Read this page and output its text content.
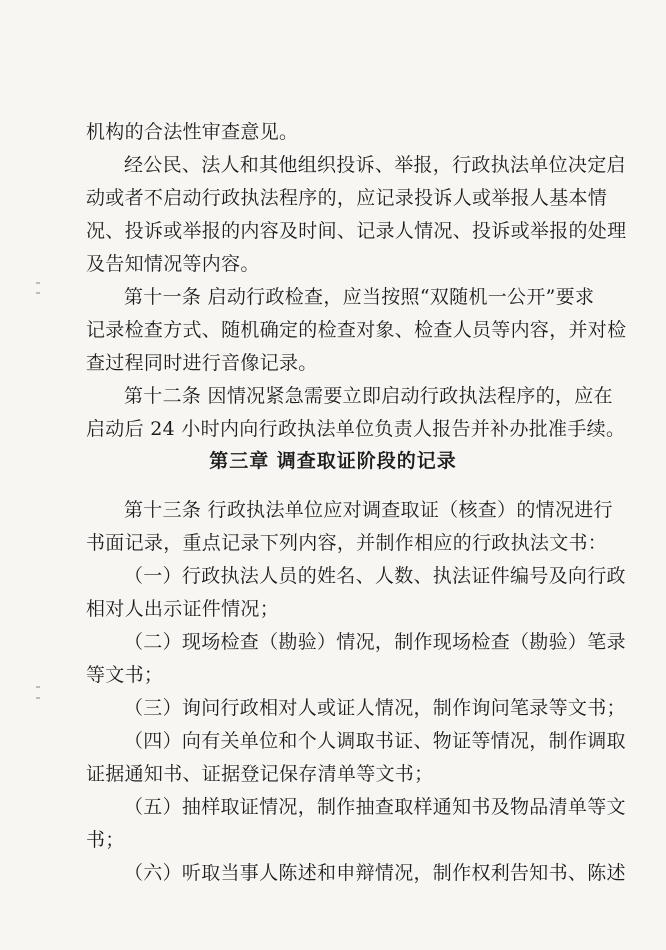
机构的合法性审查意见。
经公民、法人和其他组织投诉、举报，行政执法单位决定启
动或者不启动行政执法程序的，应记录投诉人或举报人基本情
况、投诉或举报的内容及时间、记录人情况、投诉或举报的处理
及告知情况等内容。
第十一条 启动行政检查，应当按照“双随机一公开”要求
记录检查方式、随机确定的检查对象、检查人员等内容，并对检
查过程同时进行音像记录。
第十二条 因情况紧急需要立即启动行政执法程序的，应在
启动后 24 小时内向行政执法单位负责人报告并补办批准手续。
第三章 调查取证阶段的记录
第十三条 行政执法单位应对调查取证（核查）的情况进行
书面记录，重点记录下列内容，并制作相应的行政执法文书：
（一）行政执法人员的姓名、人数、执法证件编号及向行政
相对人出示证件情况；
（二）现场检查（勘验）情况，制作现场检查（勘验）笔录
等文书；
（三）询问行政相对人或证人情况，制作询问笔录等文书；
（四）向有关单位和个人调取书证、物证等情况，制作调取
证据通知书、证据登记保存清单等文书；
（五）抽样取证情况，制作抽查取样通知书及物品清单等文
书；
（六）听取当事人陈述和申辩情况，制作权利告知书、陈述
